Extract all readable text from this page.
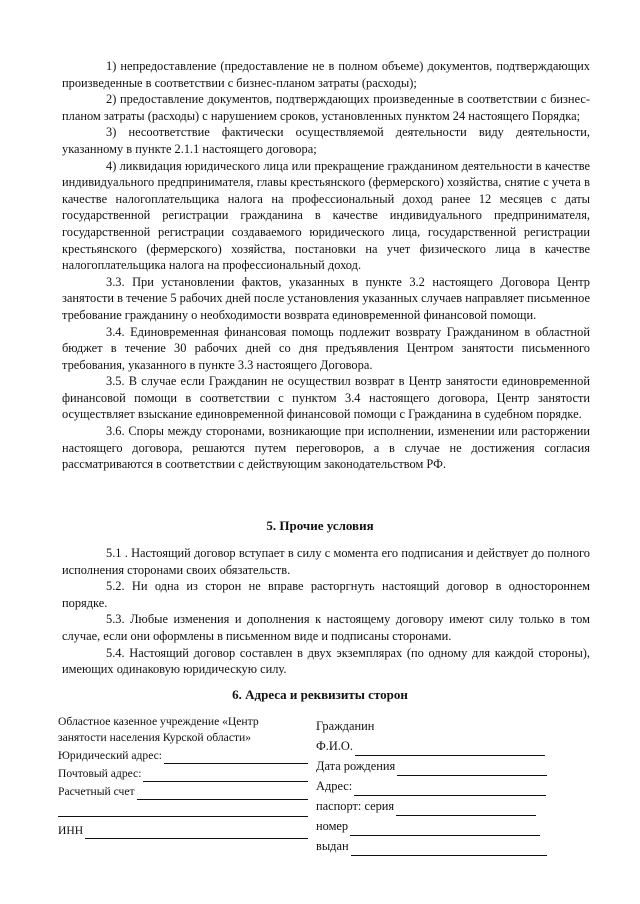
1) непредоставление (предоставление не в полном объеме) документов, подтверждающих произведенные в соответствии с бизнес-планом затраты (расходы);

2) предоставление документов, подтверждающих произведенные в соответствии с бизнес-планом затраты (расходы) с нарушением сроков, установленных пунктом 24 настоящего Порядка;

3) несоответствие фактически осуществляемой деятельности виду деятельности, указанному в пункте 2.1.1 настоящего договора;

4) ликвидация юридического лица или прекращение гражданином деятельности в качестве индивидуального предпринимателя, главы крестьянского (фермерского) хозяйства, снятие с учета в качестве налогоплательщика налога на профессиональный доход ранее 12 месяцев с даты государственной регистрации гражданина в качестве индивидуального предпринимателя, государственной регистрации создаваемого юридического лица, государственной регистрации крестьянского (фермерского) хозяйства, постановки на учет физического лица в качестве налогоплательщика налога на профессиональный доход.

3.3. При установлении фактов, указанных в пункте 3.2 настоящего Договора Центр занятости в течение 5 рабочих дней после установления указанных случаев направляет письменное требование гражданину о необходимости возврата единовременной финансовой помощи.

3.4. Единовременная финансовая помощь подлежит возврату Гражданином в областной бюджет в течение 30 рабочих дней со дня предъявления Центром занятости письменного требования, указанного в пункте 3.3 настоящего Договора.

3.5. В случае если Гражданин не осуществил возврат в Центр занятости единовременной финансовой помощи в соответствии с пунктом 3.4 настоящего договора, Центр занятости осуществляет взыскание единовременной финансовой помощи с Гражданина в судебном порядке.

3.6. Споры между сторонами, возникающие при исполнении, изменении или расторжении настоящего договора, решаются путем переговоров, а в случае не достижения согласия рассматриваются в соответствии с действующим законодательством РФ.

5. Прочие условия

5.1 . Настоящий договор вступает в силу с момента его подписания и действует до полного исполнения сторонами своих обязательств.

5.2. Ни одна из сторон не вправе расторгнуть настоящий договор в одностороннем порядке.

5.3. Любые изменения и дополнения к настоящему договору имеют силу только в том случае, если они оформлены в письменном виде и подписаны сторонами.

5.4. Настоящий договор составлен в двух экземплярах (по одному для каждой стороны), имеющих одинаковую юридическую силу.

6. Адреса и реквизиты сторон
Областное казенное учреждение «Центр занятости населения Курской области»
Юридический адрес:
Почтовый адрес:
Расчетный счет
ИНН
Гражданин
Ф.И.О.
Дата рождения
Адрес:
паспорт: серия
номер
выдан
